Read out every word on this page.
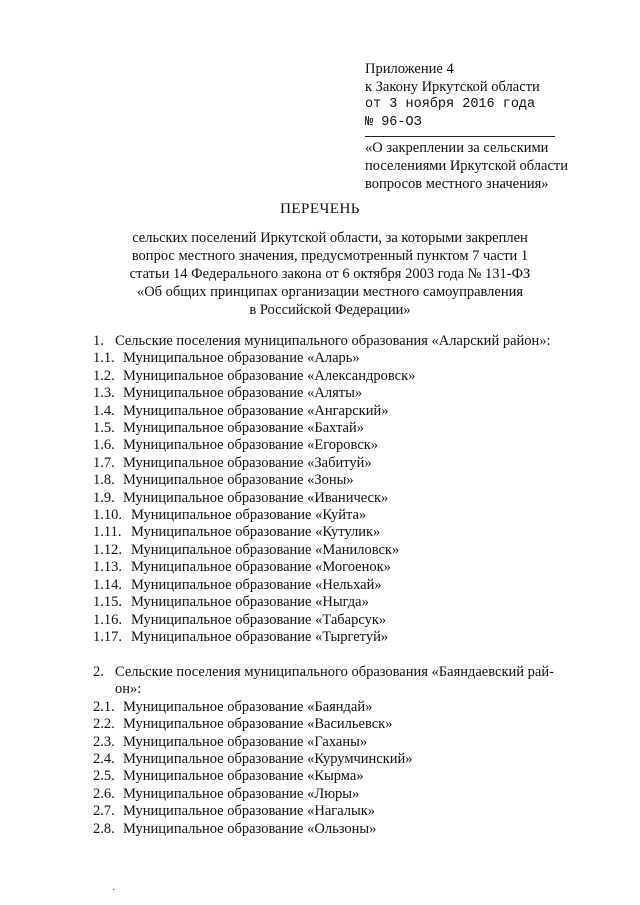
Приложение 4
к Закону Иркутской области
от 3 ноября 2016 года
№ 96-ОЗ
«О закреплении за сельскими
поселениями Иркутской области
вопросов местного значения»
ПЕРЕЧЕНЬ
сельских поселений Иркутской области, за которыми закреплен
вопрос местного значения, предусмотренный пунктом 7 части 1
статьи 14 Федерального закона от 6 октября 2003 года № 131-ФЗ
«Об общих принципах организации местного самоуправления
в Российской Федерации»
1. Сельские поселения муниципального образования «Аларский район»:
1.1. Муниципальное образование «Аларь»
1.2. Муниципальное образование «Александровск»
1.3. Муниципальное образование «Аляты»
1.4. Муниципальное образование «Ангарский»
1.5. Муниципальное образование «Бахтай»
1.6. Муниципальное образование «Егоровск»
1.7. Муниципальное образование «Забитуй»
1.8. Муниципальное образование «Зоны»
1.9. Муниципальное образование «Иваническ»
1.10. Муниципальное образование «Куйта»
1.11. Муниципальное образование «Кутулик»
1.12. Муниципальное образование «Маниловск»
1.13. Муниципальное образование «Могоенок»
1.14. Муниципальное образование «Нельхай»
1.15. Муниципальное образование «Ныгда»
1.16. Муниципальное образование «Табарсук»
1.17. Муниципальное образование «Тыргетуй»
2. Сельские поселения муниципального образования «Баяндаевский рай-
он»:
2.1. Муниципальное образование «Баяндай»
2.2. Муниципальное образование «Васильевск»
2.3. Муниципальное образование «Гаханы»
2.4. Муниципальное образование «Курумчинский»
2.5. Муниципальное образование «Кырма»
2.6. Муниципальное образование «Люры»
2.7. Муниципальное образование «Нагалык»
2.8. Муниципальное образование «Ользоны»
·
